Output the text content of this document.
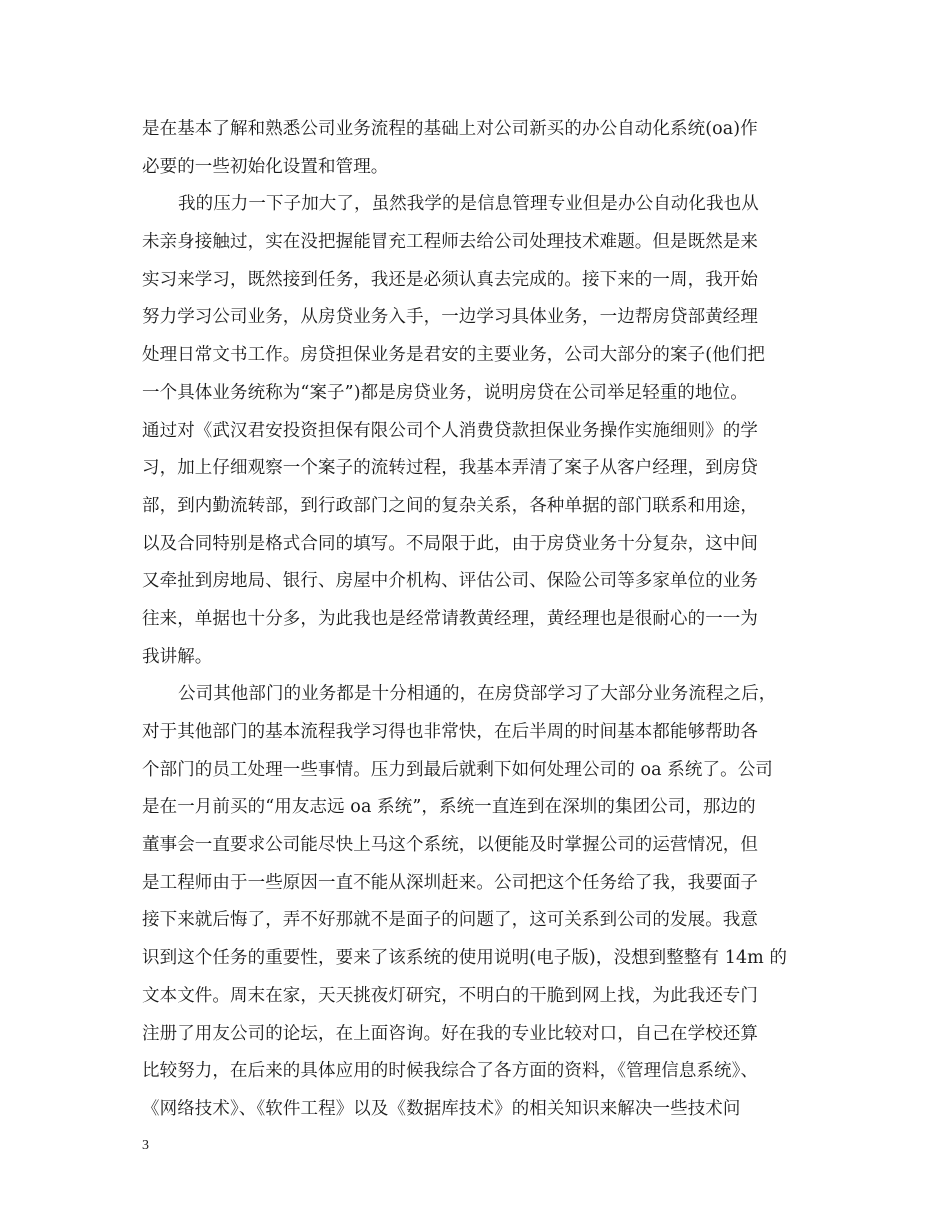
是在基本了解和熟悉公司业务流程的基础上对公司新买的办公自动化系统(oa)作
必要的一些初始化设置和管理。
我的压力一下子加大了，虽然我学的是信息管理专业但是办公自动化我也从
未亲身接触过，实在没把握能冒充工程师去给公司处理技术难题。但是既然是来
实习来学习，既然接到任务，我还是必须认真去完成的。接下来的一周，我开始
努力学习公司业务，从房贷业务入手，一边学习具体业务，一边帮房贷部黄经理
处理日常文书工作。房贷担保业务是君安的主要业务，公司大部分的案子(他们把
一个具体业务统称为“案子”)都是房贷业务，说明房贷在公司举足轻重的地位。
通过对《武汉君安投资担保有限公司个人消费贷款担保业务操作实施细则》的学
习，加上仔细观察一个案子的流转过程，我基本弄清了案子从客户经理，到房贷
部，到内勤流转部，到行政部门之间的复杂关系，各种单据的部门联系和用途，
以及合同特别是格式合同的填写。不局限于此，由于房贷业务十分复杂，这中间
又牵扯到房地局、银行、房屋中介机构、评估公司、保险公司等多家单位的业务
往来，单据也十分多，为此我也是经常请教黄经理，黄经理也是很耐心的一一为
我讲解。
公司其他部门的业务都是十分相通的，在房贷部学习了大部分业务流程之后，
对于其他部门的基本流程我学习得也非常快，在后半周的时间基本都能够帮助各
个部门的员工处理一些事情。压力到最后就剩下如何处理公司的 oa 系统了。公司
是在一月前买的“用友志远 oa 系统”，系统一直连到在深圳的集团公司，那边的
董事会一直要求公司能尽快上马这个系统，以便能及时掌握公司的运营情况，但
是工程师由于一些原因一直不能从深圳赶来。公司把这个任务给了我，我要面子
接下来就后悔了，弄不好那就不是面子的问题了，这可关系到公司的发展。我意
识到这个任务的重要性，要来了该系统的使用说明(电子版)，没想到整整有 14m 的
文本文件。周末在家，天天挑夜灯研究，不明白的干脆到网上找，为此我还专门
注册了用友公司的论坛，在上面咨询。好在我的专业比较对口，自己在学校还算
比较努力，在后来的具体应用的时候我综合了各方面的资料，《管理信息系统》、
《网络技术》、《软件工程》以及《数据库技术》的相关知识来解决一些技术问
3
